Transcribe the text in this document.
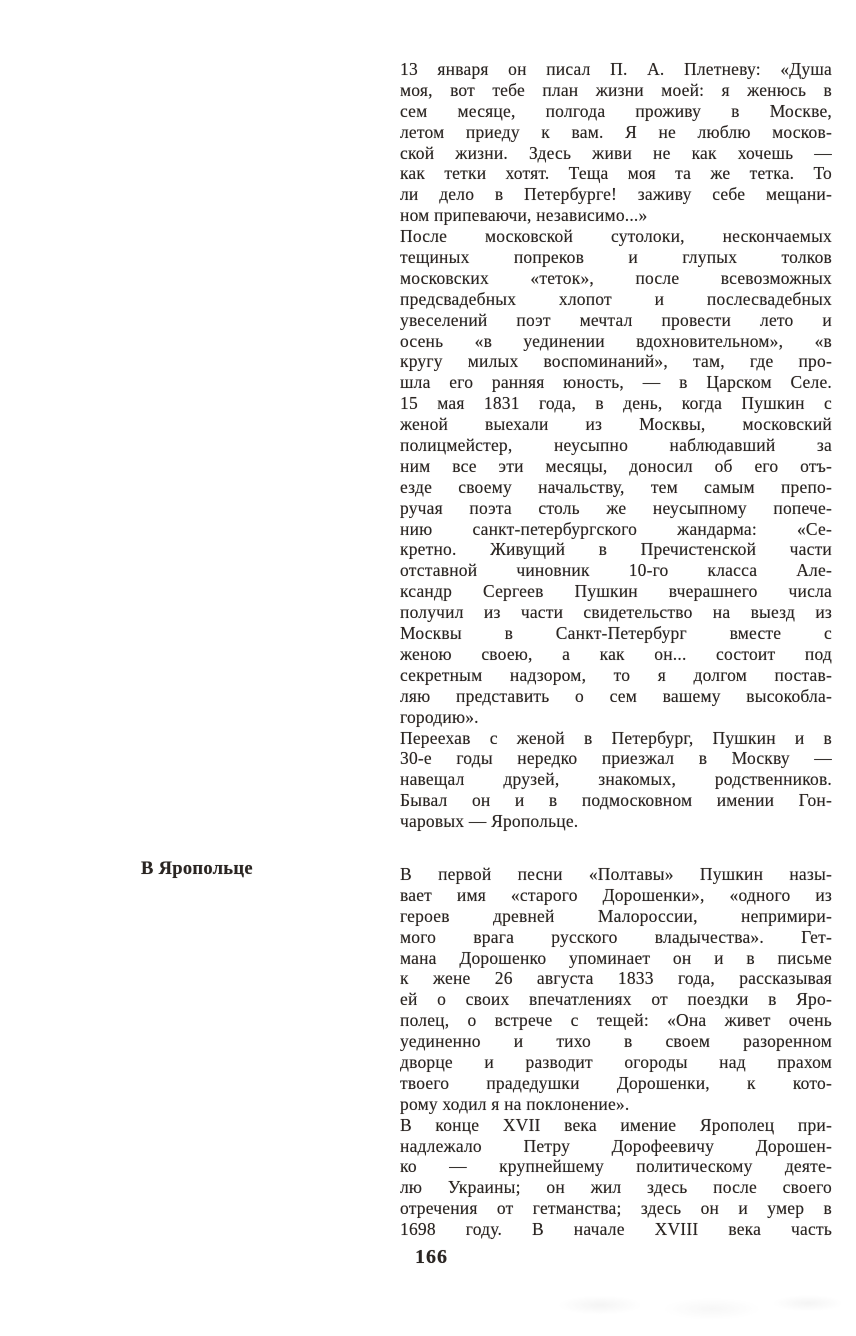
В Яропольце
13 января он писал П. А. Плетневу: «Душа
моя, вот тебе план жизни моей: я женюсь в
сем месяце, полгода проживу в Москве,
летом приеду к вам. Я не люблю москов-
ской жизни. Здесь живи не как хочешь —
как тетки хотят. Теща моя та же тетка. То
ли дело в Петербурге! заживу себе мещани-
ном припеваючи, независимо...»
После московской сутолоки, нескончаемых
тещиных попреков и глупых толков
московских «теток», после всевозможных
предсвадебных хлопот и послесвадебных
увеселений поэт мечтал провести лето и
осень «в уединении вдохновительном», «в
кругу милых воспоминаний», там, где про-
шла его ранняя юность, — в Царском Селе.
15 мая 1831 года, в день, когда Пушкин с
женой выехали из Москвы, московский
полицмейстер, неусыпно наблюдавший за
ним все эти месяцы, доносил об его отъ-
езде своему начальству, тем самым препо-
ручая поэта столь же неусыпному попече-
нию санкт-петербургского жандарма: «Се-
кретно. Живущий в Пречистенской части
отставной чиновник 10-го класса Але-
ксандр Сергеев Пушкин вчерашнего числа
получил из части свидетельство на выезд из
Москвы в Санкт-Петербург вместе с
женою своею, а как он... состоит под
секретным надзором, то я долгом постав-
ляю представить о сем вашему высокобла-
городию».
Переехав с женой в Петербург, Пушкин и в
30-е годы нередко приезжал в Москву —
навещал друзей, знакомых, родственников.
Бывал он и в подмосковном имении Гон-
чаровых — Яропольце.
В первой песни «Полтавы» Пушкин назы-
вает имя «старого Дорошенки», «одного из
героев древней Малороссии, непримири-
мого врага русского владычества». Гет-
мана Дорошенко упоминает он и в письме
к жене 26 августа 1833 года, рассказывая
ей о своих впечатлениях от поездки в Яро-
полец, о встрече с тещей: «Она живет очень
уединенно и тихо в своем разоренном
дворце и разводит огороды над прахом
твоего прадедушки Дорошенки, к кото-
рому ходил я на поклонение».
В конце XVII века имение Ярополец при-
надлежало Петру Дорофеевичу Дорошен-
ко — крупнейшему политическому деяте-
лю Украины; он жил здесь после своего
отречения от гетманства; здесь он и умер в
1698 году. В начале XVIII века часть
166
